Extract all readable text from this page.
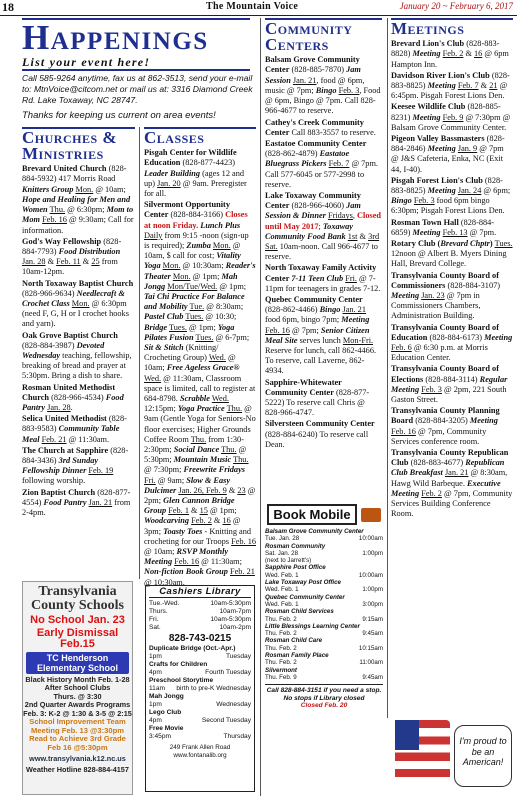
18	The Mountain Voice	January 20 ~ February 6, 2017
Happenings
List your event here!
Call 585-9264 anytime, fax us at 862-3513, send your e-mail to: MtnVoice@citcom.net or mail us at: 3316 Diamond Creek Rd. Lake Toxaway, NC 28747.
Thanks for keeping us current on area events!
Churches & Ministries

Brevard United Church (828-884-5932) 417 Morris Road Knitters Group Mon. @ 10am; Hope and Healing for Men and Women Thu. @ 6:30pm; Mom to Mom Feb. 16 @ 9:30am; Call for information.

God's Way Fellowship (828-884-7793) Food Distribution Jan. 28 & Feb. 11 & 25 from 10am-12pm.

North Toxaway Baptist Church (828-966-9634) Needlecraft & Crochet Class Mon. @ 6:30pm (need F, G, H or I crochet hooks and yarn).

Oak Grove Baptist Church (828-884-3987) Devoted Wednesday teaching, fellowship, breaking of bread and prayer at 5:30pm. Bring a dish to share.

Rosman United Methodist Church (828-966-4534) Food Pantry Jan. 28.

Selica United Methodist (828-883-9583) Community Table Meal Feb. 21 @ 11:30am.

The Church at Sapphire (828-884-3436) 3rd Sunday Fellowship Dinner Feb. 19 following worship.

Zion Baptist Church (828-877-4554) Food Pantry Jan. 21 from 2-4pm.

Classes

Pisgah Center for Wildlife Education (828-877-4423) Leader Building (ages 12 and up) Jan. 20 @ 9am. Preregister for all.

Silvermont Opportunity Center (828-884-3166) Closes at noon Friday. Lunch Plus Daily from 9:15 -noon (sign-up is required); Zumba Mon. @ 10am, $ call for cost; Vitality Yoga Mon. @ 10:30am; Reader's Theater Mon. @ 1pm; Mah Jongg Mon/Tue/Wed. @ 1pm; Tai Chi Practice For Balance and Mobility Tue. @ 8:30am; Pastel Club Tues. @ 10:30; Bridge Tues. @ 1pm; Yoga Pilates Fusion Tues. @ 6-7pm; Sit & Stitch (Knitting/ Crocheting Group) Wed. @ 10am; Free Ageless Grace® Wed. @ 11:30am, Classroom space is limited, call to register at 684-8798. Scrabble Wed. 12:15pm; Yoga Practice Thu. @ 9am (Gentle Yoga for Seniors-No floor exercises; Higher Grounds Coffee Room Thu. from 1:30-2:30pm; Social Dance Thu. @ 5:30pm; Mountain Music Thu. @ 7:30pm; Freewrite Fridays Fri. @ 9am; Slow & Easy Dulcimer Jan. 26, Feb. 9 & 23 @ 2pm; Glen Cannon Bridge Group Feb. 1 & 15 @ 1pm; Woodcarving Feb. 2 & 16 @ 3pm; Toasty Toes - Knitting and crocheting for our Troops Feb. 16 @ 10am; RSVP Monthly Meeting Feb. 16 @ 11:30am; Non-fiction Book Group Feb. 21 @ 10:30am.

Community Centers

Balsam Grove Community Center (828-885-7870) Jam Session Jan. 21, food @ 6pm, music @ 7pm; Bingo Feb. 3, Food @ 6pm, Bingo @ 7pm. Call 828-966-4677 to reserve.

Cathey's Creek Community Center Call 883-3557 to reserve.

Eastatoe Community Center (828-862-4879) Eastatoe Bluegrass Pickers Feb. 7 @ 7pm. Call 577-6045 or 577-2998 to reserve.

Lake Toxaway Community Center (828-966-4060) Jam Session & Dinner Fridays, Closed until May 2017; Toxaway Community Food Bank 1st & 3rd Sat. 10am-noon. Call 966-4677 to reserve.

North Toxaway Family Activity Center 7-11 Teen Club Fri. @ 7-11pm for teenagers in grades 7-12.

Quebec Community Center (828-862-4466) Bingo Jan. 21 food 6pm, bingo 7pm; Meeting Feb. 16 @ 7pm; Senior Citizen Meal Site serves lunch Mon-Fri. Reserve for lunch, call 862-4466. To reserve, call Laverne, 862-4934.

Sapphire-Whitewater Community Center (828-877-5222) To reserve call Chris @ 828-966-4747.

Silversteen Community Center (828-884-6240) To reserve call Dean.

Meetings

Brevard Lion's Club (828-883-8828) Meeting Feb. 2 & 16 @ 6pm Hampton Inn.

Davidson River Lion's Club (828-883-8825) Meeting Feb. 7 & 21 @ 6:45pm. Pisgah Forest Lions Den.

Keesee Wildlife Club (828-885-8231) Meeting Feb. 9 @ 7:30pm @ Balsam Grove Community Center.

Pigeon Valley Bassmasters (828-884-2846) Meeting Jan. 9 @ 7pm @ J&S Cafeteria, Enka, NC (Exit 44, I-40).

Pisgah Forest Lion's Club (828-883-8825) Meeting Jan. 24 @ 6pm; Bingo Feb. 3 food 6pm bingo 6:30pm; Pisgah Forest Lions Den.

Rosman Town Hall (828-884-6859) Meeting Feb. 13 @ 7pm.

Rotary Club (Brevard Chptr) Tues. 12noon @ Albert B. Myers Dining Hall, Brevard College.

Transylvania County Board of Commissioners (828-884-3107) Meeting Jan. 23 @ 7pm in Commissioners Chambers, Administration Building.

Transylvania County Board of Education (828-884-6173) Meeting Feb. 6 @ 6:30 p.m. at Morris Education Center.

Transylvania County Board of Elections (828-884-3114) Regular Meeting Feb. 3 @ 2pm, 221 South Gaston Street.

Transylvania County Planning Board (828-884-3205) Meeting Feb. 16 @ 7pm, Community Services conference room.

Transylvania County Republican Club (828-883-4677) Republican Club Breakfast Jan. 21 @ 8:30am, Hawg Wild Barbeque. Executive Meeting Feb. 2 @ 7pm, Community Services Building Conference Room.

Transylvania County Schools
No School Jan. 23
Early Dismissal Feb.15
TC Henderson Elementary School
Black History Month Feb. 1-28
After School Clubs
Thurs. @ 3:30
2nd Quarter Awards Programs
Feb. 3: K-2 @ 1:30 & 3-5 @ 2:15
School Improvement Team
Meeting Feb. 13 @3:30pm
Read to Achieve 3rd Grade
Feb 16 @5:30pm
www.transylvania.k12.nc.us
Weather Hotline 828-884-4157
Cashiers Library
Tue.-Wed.	10am-5:30pm
Thurs.	10am-7pm
Fri.	10am-5:30pm
Sat.	10am-2pm
828-743-0215
Duplicate Bridge (Oct.-Apr.)
1pm	Tuesday
Crafts for Children
4pm	Fourth Tuesday
Preschool Storytime
11am birth to pre-K Wednesday
Mah Jongg
1pm	Wednesday
Lego Club
4pm	Second Tuesday
Free Movie
3:45pm	Thursday
249 Frank Allen Road
www.fontanalib.org
Book Mobile
Balsam Grove Community Center
Tue. Jan. 28	10:00am
Rosman Community
Sat. Jan. 28	1:00pm
(next to Jarrett's)
Sapphire Post Office
Wed. Feb. 1	10:00am
Lake Toxaway Post Office
Wed. Feb. 1	1:00pm
Quebec Community Center
Wed. Feb. 1	3:00pm
Rosman Child Services
Thu. Feb. 2	9:15am
Little Blessings Learning Center
Thu. Feb. 2	9:45am
Rosman Child Care
Thu. Feb. 2	10:15am
Rosman Family Place
Thu. Feb. 2	11:00am
Silvermont
Thu. Feb. 9	9:45am
Call 828-884-3151 if you need a stop.
No stops if Library closed
Closed Feb. 20
I'm proud to be an American!
